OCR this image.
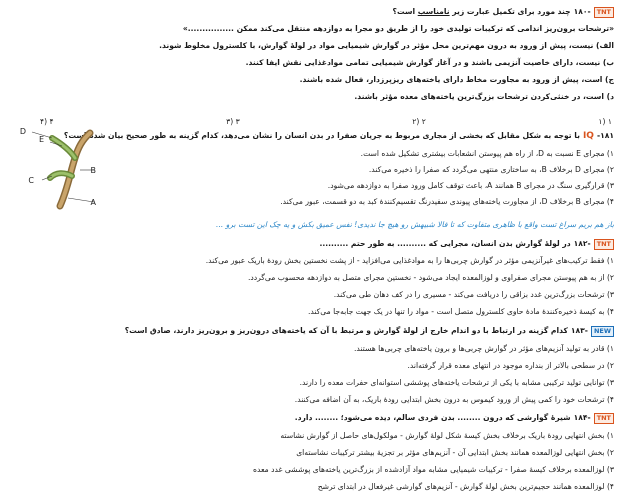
TNT-۱۸۰چند مورد برای تکمیل عبارت زیر نامناسب است؟
«ترشحات برون‌ریز اندامی که ترکیبات تولیدی خود را از طریق دو مجرا به دوازدهه منتقل می‌کند ممکن ................»
الف) نیست، پیش از ورود به درون مهم‌ترین محل مؤثر در گوارش شیمیایی مواد در لولهٔ گوارش، با کلسترول مخلوط شوند.
ب) نیست، دارای خاصیت آنزیمی باشند و در آغاز گوارش شیمیایی تمامی موادغذایی نقش ایفا کنند.
ج) است، پیش از ورود به مجاورت مخاط دارای یاخته‌های ریزپرزدار، فعال شده باشند.
د) است، در خنثی‌کردن ترشحات بزرگ‌ترین یاخته‌های معده مؤثر باشند.
۱ (۱
۲ (۲
۳ (۳
۴ (۴
IQ -۱۸۱با توجه به شکل مقابل که بخشی از مجاری مربوط به جریان صفرا در بدن انسان را نشان می‌دهد، کدام گزینه به طور صحیح بیان شده است؟
۱) مجرای E نسبت به D، از راه هم پیوستن انشعابات بیشتری تشکیل شده است.
۲) مجرای D برخلاف B، به ساختاری منتهی می‌گردد که صفرا را ذخیره می‌کند.
۳) قرارگیری سنگ در مجرای B همانند A، باعث توقف کامل ورود صفرا به دوازدهه می‌شود.
۴) مجرای B برخلاف D، از مجاورت یاخته‌های پیوندی سفیدرنگ تقسیم‌کنندهٔ کبد به دو قسمت، عبور می‌کند.
باز هم بریم سراغ تست واقع با ظاهری متفاوت که تا فالا شبیهش رو هیچ جا ندیدی! نفس عمیق بکش و یه چک این تست برو ...
D
E
C
B
A
TNT-۱۸۲در لولهٔ گوارش بدن انسان، مجرایی که .......... به طور حتم ..........
۱) فقط ترکیب‌های غیرآنزیمی مؤثر در گوارش چربی‌ها را به موادغذایی می‌افزاید - از پشت نخستین بخش رودهٔ باریک عبور می‌کند.
۲) از به هم پیوستن مجرای صفراوی و لوزالمعده ایجاد می‌شود - نخستین مجرای متصل به دوازدهه محسوب می‌گردد.
۳) ترشحات بزرگ‌ترین غدد بزاقی را دریافت می‌کند - مسیری را در کف دهان طی می‌کند.
۴) به کیسهٔ ذخیره‌کنندهٔ مادهٔ حاوی کلسترول متصل است - مواد را تنها در یک جهت جابه‌جا می‌کند.
NEW-۱۸۳کدام گزینه در ارتباط با دو اندام خارج از لولهٔ گوارش و مرتبط با آن که یاخته‌های درون‌ریز و برون‌ریز دارند، صادق است؟
۱) قادر به تولید آنزیم‌های مؤثر در گوارش چربی‌ها و برون یاخته‌های چربی‌ها هستند.
۲) در سطحی بالاتر از بنداره موجود در انتهای معده قرار گرفته‌اند.
۳) توانایی تولید ترکیبی مشابه با یکی از ترشحات یاخته‌های پوششی استوانه‌ای حفرات معده را دارند.
۴) ترشحات خود را کمی پیش از ورود کیموس به درون بخش ابتدایی رودهٔ باریک، به آن اضافه می‌کنند.
TNT-۱۸۴شیرهٔ گوارشی که درون ........ بدن فردی سالم، دیده می‌شود؛ ........ دارد.
۱) بخش انتهایی رودهٔ باریک برخلاف بخش کیسهٔ شکل لولهٔ گوارش - مولکول‌های حاصل از گوارش نشاسته
۲) بخش انتهایی لوزالمعده همانند بخش ابتدایی آن - آنزیم‌های مؤثر بر تجزیهٔ بیشتر ترکیبات نشاسته‌ای
۳) لوزالمعده برخلاف کیسهٔ صفرا - ترکیبات شیمیایی مشابه مواد آزادشده از بزرگ‌ترین یاخته‌های پوششی غدد معده
۴) لوزالمعده همانند حجیم‌ترین بخش لولهٔ گوارش - آنزیم‌های گوارشی غیرفعال در ابتدای ترشح
